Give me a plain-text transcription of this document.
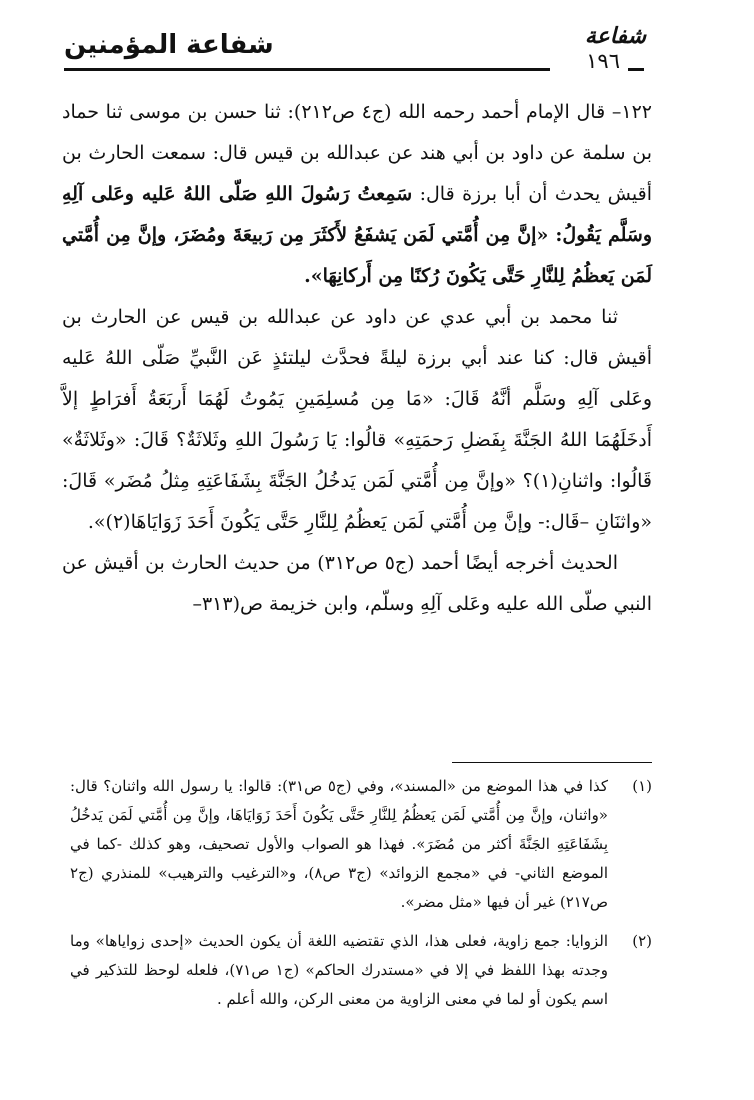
شفاعة المؤمنين	شفاعة
١٩٦

١٢٢– قال الإمام أحمد رحمه الله (ج٤ ص٢١٢): ثنا حسن بن موسى ثنا حماد بن سلمة عن داود بن أبي هند عن عبدالله بن قيس قال: سمعت الحارث بن أقيش يحدث أن أبا برزة قال: سَمِعتُ رَسُولَ اللهِ صَلّى اللهُ عَليه وعَلى آلِهِ وسَلَّم يَقُولُ: «إنَّ مِن أُمَّتي لَمَن يَشفَعُ لأَكثَرَ مِن رَبيعَةَ ومُضَرَ، وإنَّ مِن أُمَّتي لَمَن يَعظُمُ لِلنَّارِ حَتَّى يَكُونَ رُكنًا مِن أَركانِهَا».

ثنا محمد بن أبي عدي عن داود عن عبدالله بن قيس عن الحارث بن أقيش قال: كنا عند أبي برزة ليلةً فحدَّث ليلتئذٍ عَن النَّبيِّ صَلّى اللهُ عَليه وعَلى آلِهِ وسَلَّم أنَّهُ قَالَ: «مَا مِن مُسلِمَينِ يَمُوتُ لَهُمَا أَربَعَةُ أَفرَاطٍ إلاَّ أَدخَلَهُمَا اللهُ الجَنَّةَ بِفَضلِ رَحمَتِهِ» قالُوا: يَا رَسُولَ اللهِ وثَلاثَةٌ؟ قَالَ: «وثَلاثَةٌ» قَالُوا: واثنانِ(١)؟ «وإنَّ مِن أُمَّتي لَمَن يَدخُلُ الجَنَّةَ بِشَفَاعَتِهِ مِثلُ مُضَر» قَالَ: «واثنَانِ –قَال:- وإنَّ مِن أُمَّتي لَمَن يَعظُمُ لِلنَّارِ حَتَّى يَكُونَ أَحَدَ زَوَايَاهَا(٢)».

الحديث أخرجه أيضًا أحمد (ج٥ ص٣١٢) من حديث الحارث بن أقيش عن النبي صلّى الله عليه وعَلى آلِهِ وسلّم، وابن خزيمة ص(٣١٣–

(١)
كذا في هذا الموضع من «المسند»، وفي (ج٥ ص٣١): قالوا: يا رسول الله واثنان؟ قال: «واثنان، وإنَّ مِن أُمَّتي لَمَن يَعظُمُ لِلنَّارِ حَتَّى يَكُونَ أَحَدَ زَوَايَاهَا، وإنَّ مِن أُمَّتي لَمَن يَدخُلُ بِشَفَاعَتِهِ الجَنَّةَ أكثر من مُضَرَ». فهذا هو الصواب والأول تصحيف، وهو كذلك -كما في الموضع الثاني- في «مجمع الزوائد» (ج٣ ص٨)، و«الترغيب والترهيب» للمنذري (ج٢ ص٢١٧) غير أن فيها «مثل مضر».
(٢)
الزوايا: جمع زاوية، فعلى هذا، الذي تقتضيه اللغة أن يكون الحديث «إحدى زواياها» وما وجدته بهذا اللفظ في إلا في «مستدرك الحاكم» (ج١ ص٧١)، فلعله لوحظ للتذكير في اسم يكون أو لما في معنى الزاوية من معنى الركن، والله أعلم .
